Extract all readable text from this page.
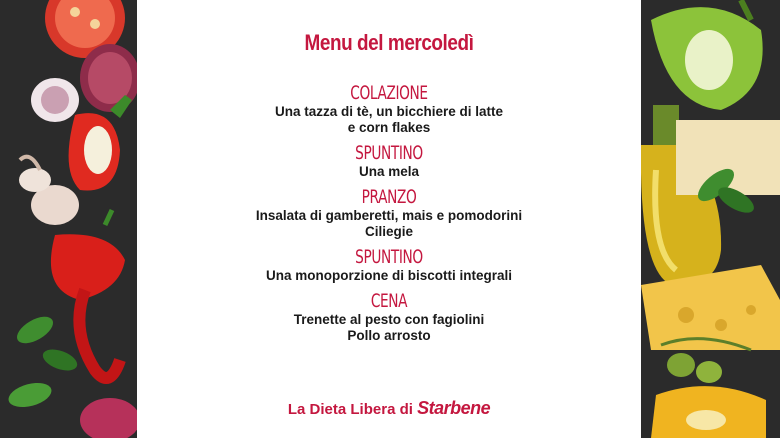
Menu del mercoledì
COLAZIONE
Una tazza di tè, un bicchiere di latte
e corn flakes
SPUNTINO
Una mela
PRANZO
Insalata di gamberetti, mais e pomodorini
Ciliegie
SPUNTINO
Una monoporzione di biscotti integrali
CENA
Trenette al pesto con fagiolini
Pollo arrosto
La Dieta Libera di Starbene
